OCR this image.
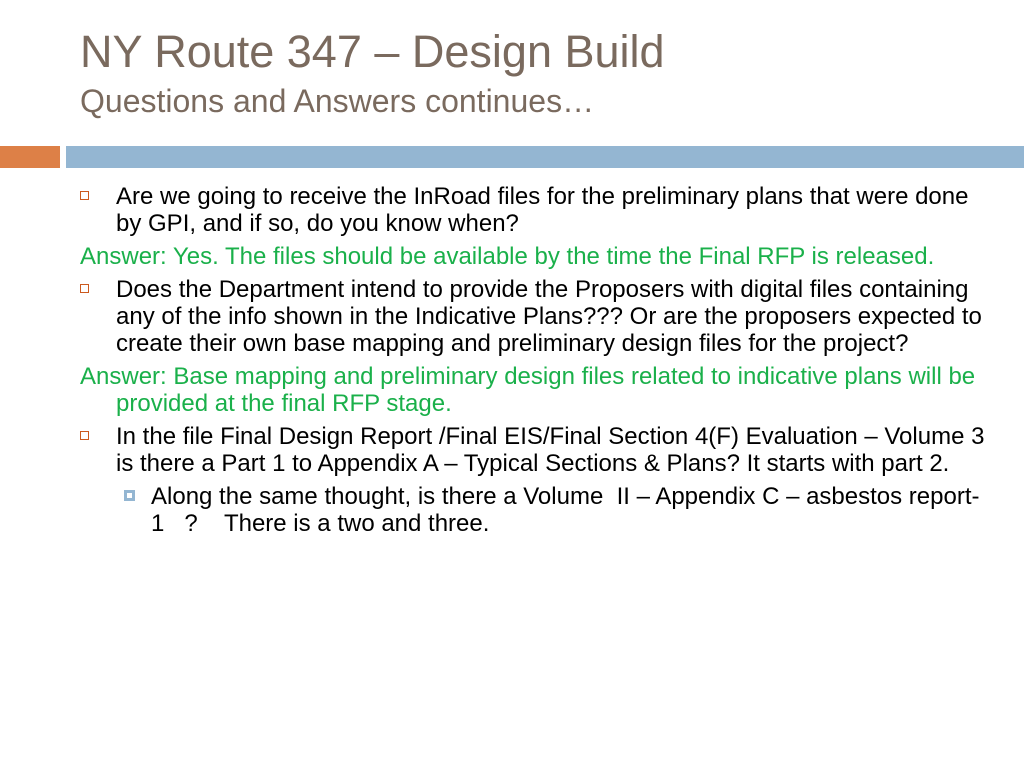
NY Route 347 – Design Build
Questions and Answers continues…
Are we going to receive the InRoad files for the preliminary plans that were done by GPI, and if so, do you know when?
Answer: Yes. The files should be available by the time the Final RFP is released.
Does the Department intend to provide the Proposers with digital files containing any of the info shown in the Indicative Plans??? Or are the proposers expected to create their own base mapping and preliminary design files for the project?
Answer: Base mapping and preliminary design files related to indicative plans will be provided at the final RFP stage.
In the file Final Design Report /Final EIS/Final Section 4(F) Evaluation – Volume 3     is there a Part 1 to Appendix A – Typical Sections & Plans? It starts with part 2.
Along the same thought, is there a Volume  II – Appendix C – asbestos report-1   ?    There is a two and three.
